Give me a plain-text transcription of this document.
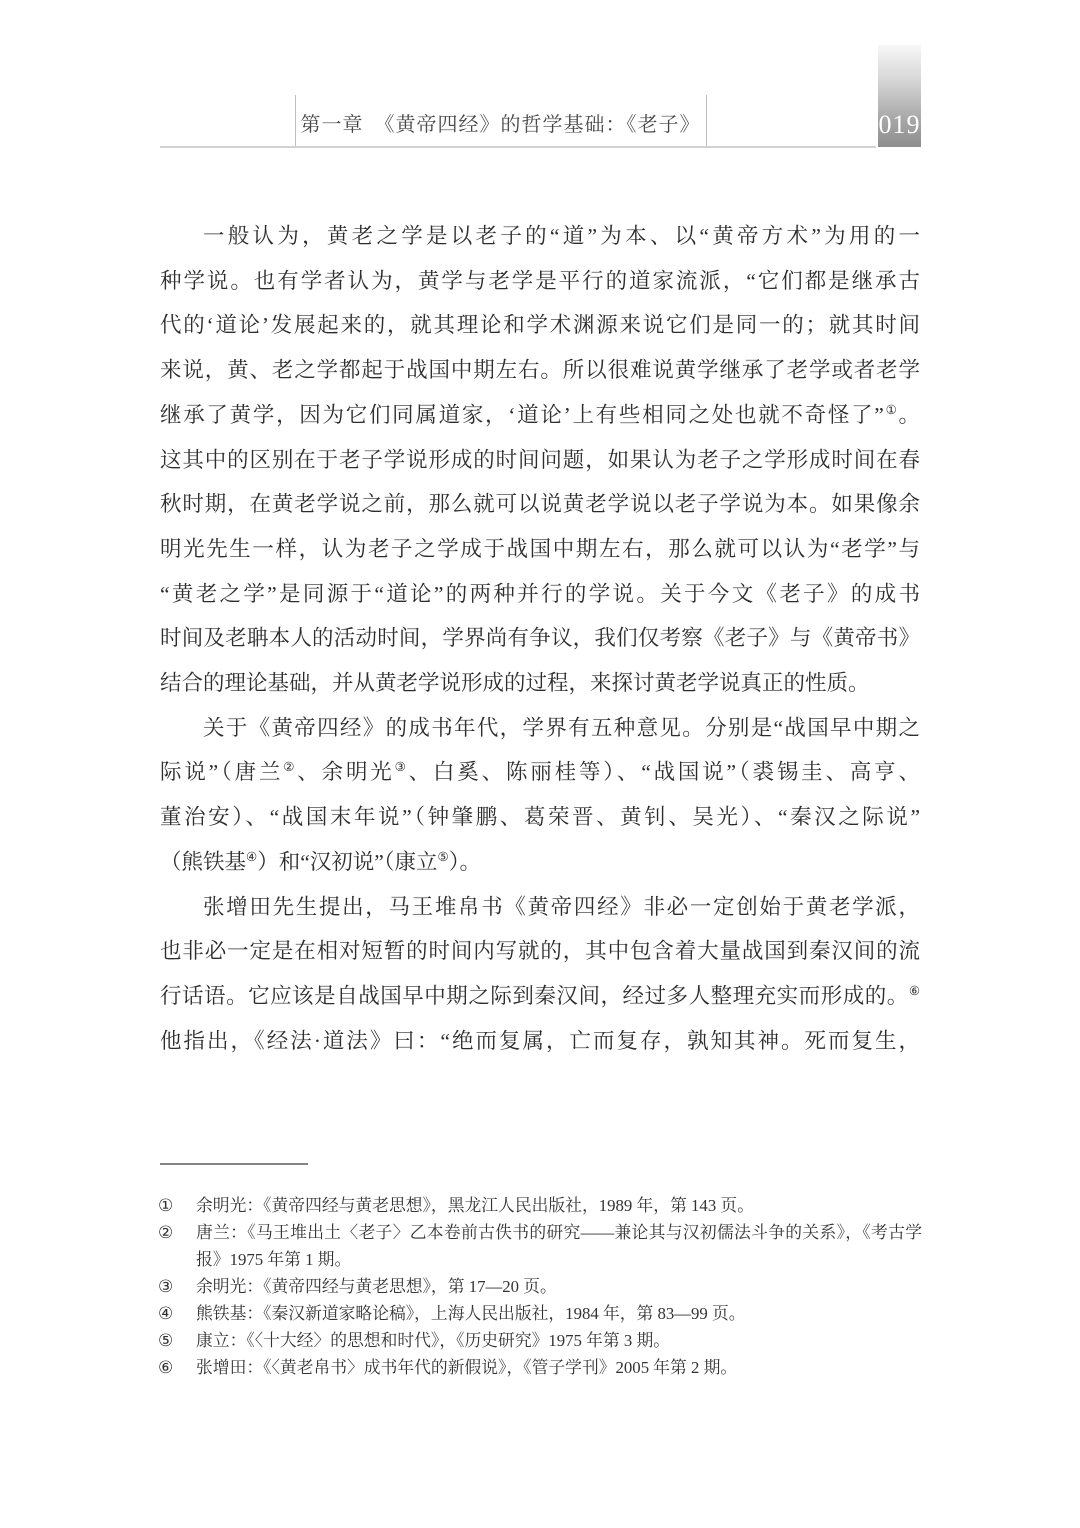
第一章　《黄帝四经》的哲学基础：《老子》	019
一般认为，黄老之学是以老子的“道”为本、以“黄帝方术”为用的一
种学说。也有学者认为，黄学与老学是平行的道家流派，“它们都是继承古
代的‘道论’发展起来的，就其理论和学术渊源来说它们是同一的；就其时间
来说，黄、老之学都起于战国中期左右。所以很难说黄学继承了老学或者老学
继承了黄学，因为它们同属道家，‘道论’上有些相同之处也就不奇怪了”①。
这其中的区别在于老子学说形成的时间问题，如果认为老子之学形成时间在春
秋时期，在黄老学说之前，那么就可以说黄老学说以老子学说为本。如果像余
明光先生一样，认为老子之学成于战国中期左右，那么就可以认为“老学”与
“黄老之学”是同源于“道论”的两种并行的学说。关于今文《老子》的成书
时间及老聃本人的活动时间，学界尚有争议，我们仅考察《老子》与《黄帝书》
结合的理论基础，并从黄老学说形成的过程，来探讨黄老学说真正的性质。
关于《黄帝四经》的成书年代，学界有五种意见。分别是“战国早中期之
际说”（唐兰②、余明光③、白奚、陈丽桂等）、“战国说”（裘锡圭、高亨、
董治安）、“战国末年说”（钟肇鹏、葛荣晋、黄钊、吴光）、“秦汉之际说”
（熊铁基④）和“汉初说”（康立⑤）。
张增田先生提出，马王堆帛书《黄帝四经》非必一定创始于黄老学派，
也非必一定是在相对短暂的时间内写就的，其中包含着大量战国到秦汉间的流
行话语。它应该是自战国早中期之际到秦汉间，经过多人整理充实而形成的。⑥
他指出，《经法·道法》曰：“绝而复属，亡而复存，孰知其神。死而复生，
①	余明光：《黄帝四经与黄老思想》，黑龙江人民出版社，1989 年，第 143 页。
②	唐兰：《马王堆出土〈老子〉乙本卷前古佚书的研究——兼论其与汉初儒法斗争的关系》，《考古学报》1975 年第 1 期。
③	余明光：《黄帝四经与黄老思想》，第 17—20 页。
④	熊铁基：《秦汉新道家略论稿》，上海人民出版社，1984 年，第 83—99 页。
⑤	康立：《〈十大经〉的思想和时代》，《历史研究》1975 年第 3 期。
⑥	张增田：《〈黄老帛书〉成书年代的新假说》，《管子学刊》2005 年第 2 期。
